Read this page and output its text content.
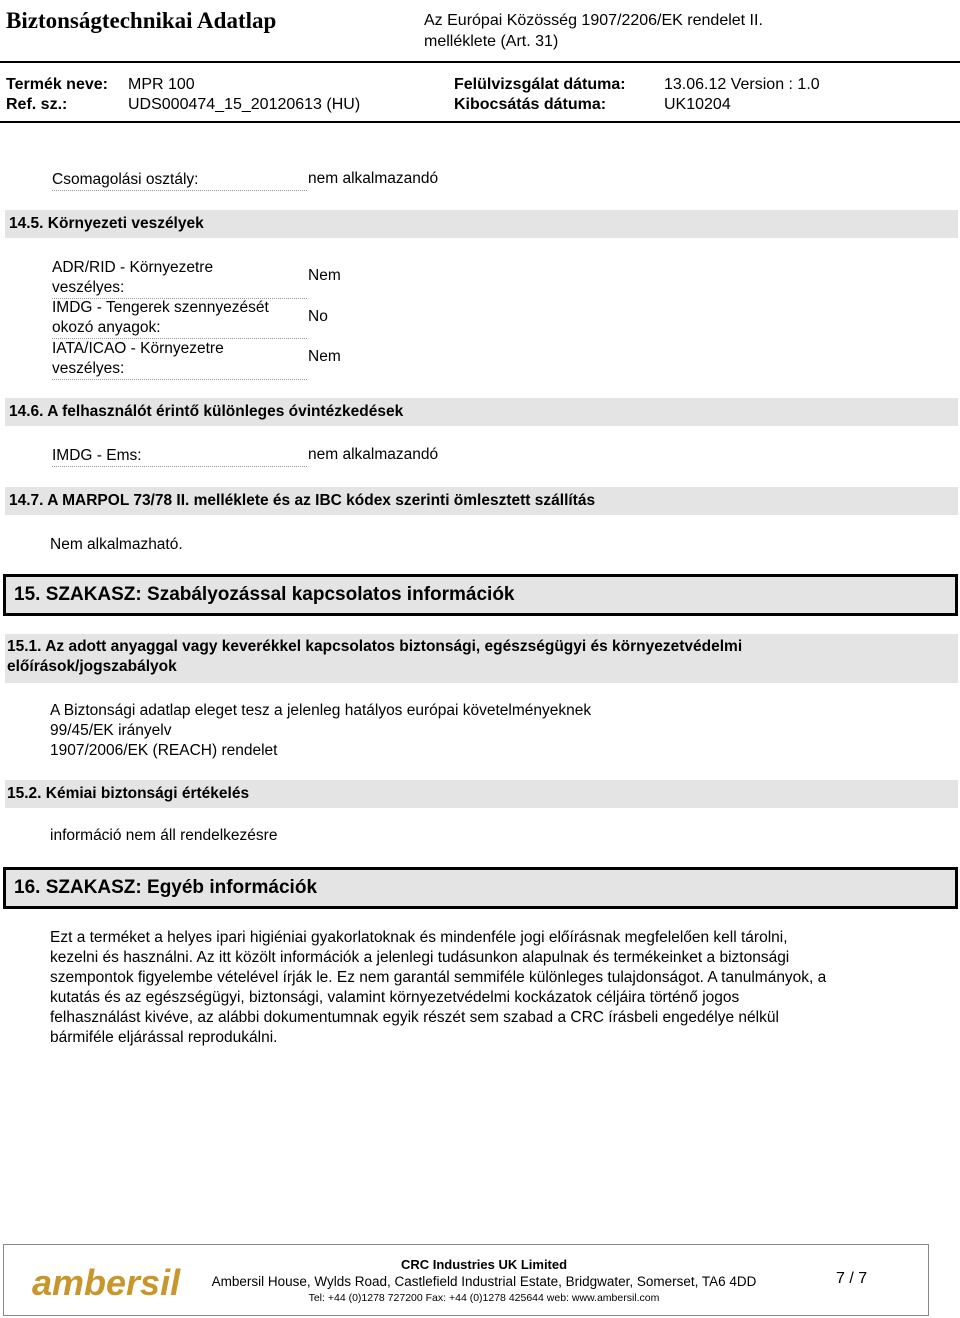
Biztonságtechnikai Adatlap	Az Európai Közösség 1907/2206/EK rendelet II.
melléklete (Art. 31)
Termék neve: MPR 100
Ref. sz.:	UDS000474_15_20120613 (HU)
Felülvizsgálat dátuma: 13.06.12 Version : 1.0
Kibocsátás dátuma:	UK10204
Csomagolási osztály:	nem alkalmazandó
14.5. Környezeti veszélyek
ADR/RID - Környezetre
veszélyes:
Nem
IMDG - Tengerek szennyezését
okozó anyagok:
No
IATA/ICAO - Környezetre
veszélyes:
Nem
14.6. A felhasználót érintő különleges óvintézkedések
IMDG - Ems:	nem alkalmazandó
14.7. A MARPOL 73/78 II. melléklete és az IBC kódex szerinti ömlesztett szállítás
Nem alkalmazható.
15. SZAKASZ: Szabályozással kapcsolatos információk
15.1. Az adott anyaggal vagy keverékkel kapcsolatos biztonsági, egészségügyi és környezetvédelmi
előírások/jogszabályok
A Biztonsági adatlap eleget tesz a jelenleg hatályos európai követelményeknek
99/45/EK irányelv
1907/2006/EK (REACH) rendelet
15.2. Kémiai biztonsági értékelés
információ nem áll rendelkezésre
16. SZAKASZ: Egyéb információk
Ezt a terméket a helyes ipari higiéniai gyakorlatoknak és mindenféle jogi előírásnak megfelelően kell tárolni,
kezelni és használni. Az itt közölt információk a jelenlegi tudásunkon alapulnak és termékeinket a biztonsági
szempontok figyelembe vételével írják le. Ez nem garantál semmiféle különleges tulajdonságot. A tanulmányok, a
kutatás és az egészségügyi, biztonsági, valamint környezetvédelmi kockázatok céljáira történő jogos
felhasználást kivéve, az alábbi dokumentumnak egyik részét sem szabad a CRC írásbeli engedélye nélkül
bármiféle eljárással reprodukálni.
ambersil	CRC Industries UK Limited
Ambersil House, Wylds Road, Castlefield Industrial Estate, Bridgwater, Somerset, TA6 4DD
Tel: +44 (0)1278 727200 Fax: +44 (0)1278 425644 web: www.ambersil.com
7 / 7
